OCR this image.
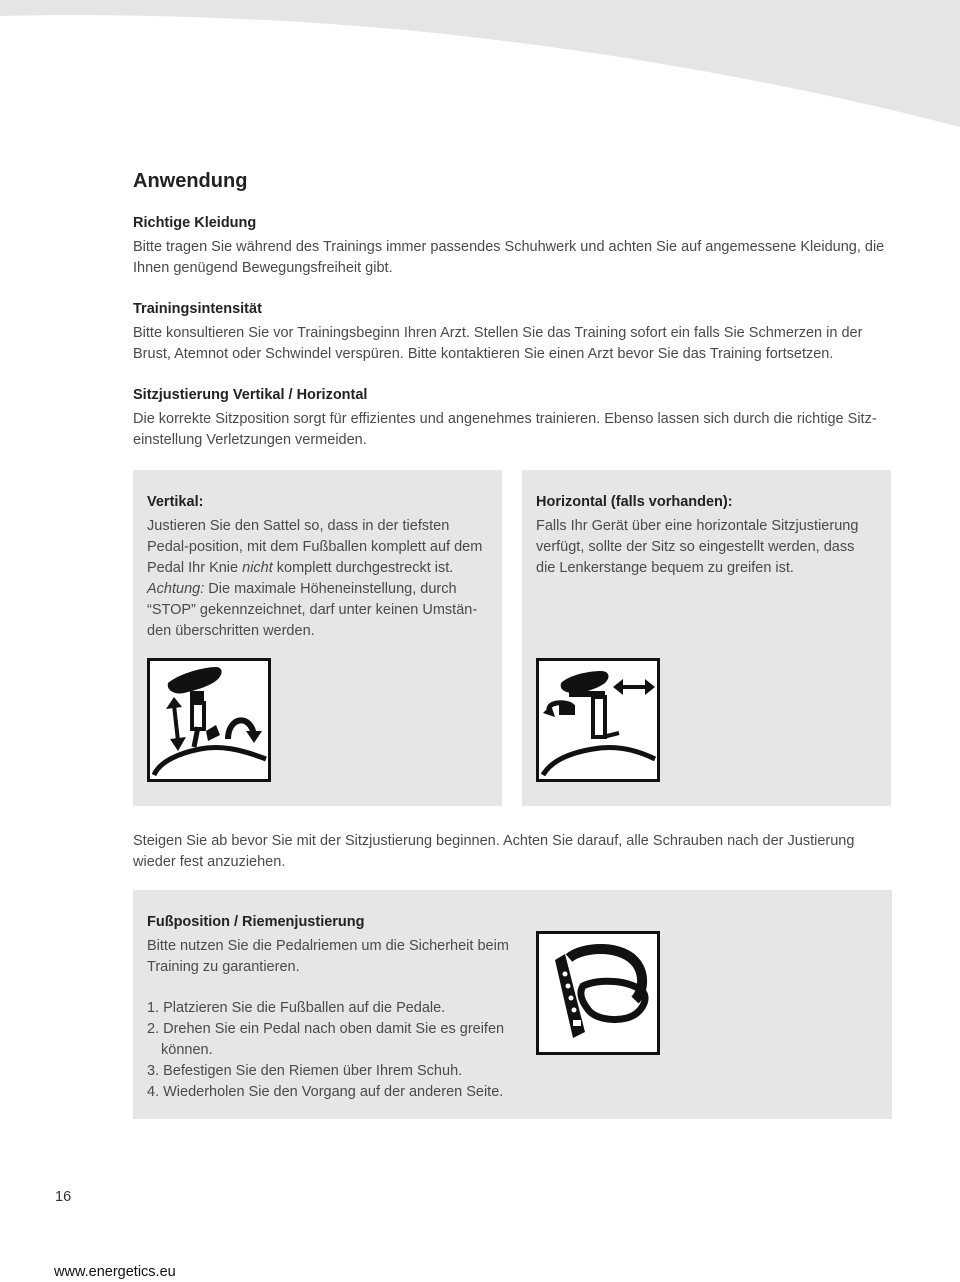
Anwendung

Richtige Kleidung

Bitte tragen Sie während des Trainings immer passendes Schuhwerk und achten Sie auf angemessene Kleidung, die Ihnen genügend Bewegungsfreiheit gibt.

Trainingsintensität

Bitte konsultieren Sie vor Trainingsbeginn Ihren Arzt. Stellen Sie das Training sofort ein falls Sie Schmerzen in der Brust, Atemnot oder Schwindel verspüren. Bitte kontaktieren Sie einen Arzt bevor Sie das Training fortsetzen.

Sitzjustierung Vertikal / Horizontal

Die korrekte Sitzposition sorgt für effizientes und angenehmes trainieren. Ebenso lassen sich durch die richtige Sitz-einstellung Verletzungen vermeiden.

Vertikal:

Justieren Sie den Sattel so, dass in der tiefsten Pedal-position, mit dem Fußballen komplett auf dem Pedal Ihr Knie nicht komplett durchgestreckt ist.
Achtung: Die maximale Höheneinstellung, durch “STOP” gekennzeichnet, darf unter keinen Umstän-den überschritten werden.

Horizontal (falls vorhanden):

Falls Ihr Gerät über eine horizontale Sitzjustierung verfügt, sollte der Sitz so eingestellt werden, dass die Lenkerstange bequem zu greifen ist.

Steigen Sie ab bevor Sie mit der Sitzjustierung beginnen. Achten Sie darauf, alle Schrauben nach der Justierung wieder fest anzuziehen.

Fußposition / Riemenjustierung

Bitte nutzen Sie die Pedalriemen um die Sicherheit beim Training zu garantieren.

1. Platzieren Sie die Fußballen auf die Pedale.
2. Drehen Sie ein Pedal nach oben damit Sie es greifen können.
3. Befestigen Sie den Riemen über Ihrem Schuh.
4. Wiederholen Sie den Vorgang auf der anderen Seite.
16
www.energetics.eu
